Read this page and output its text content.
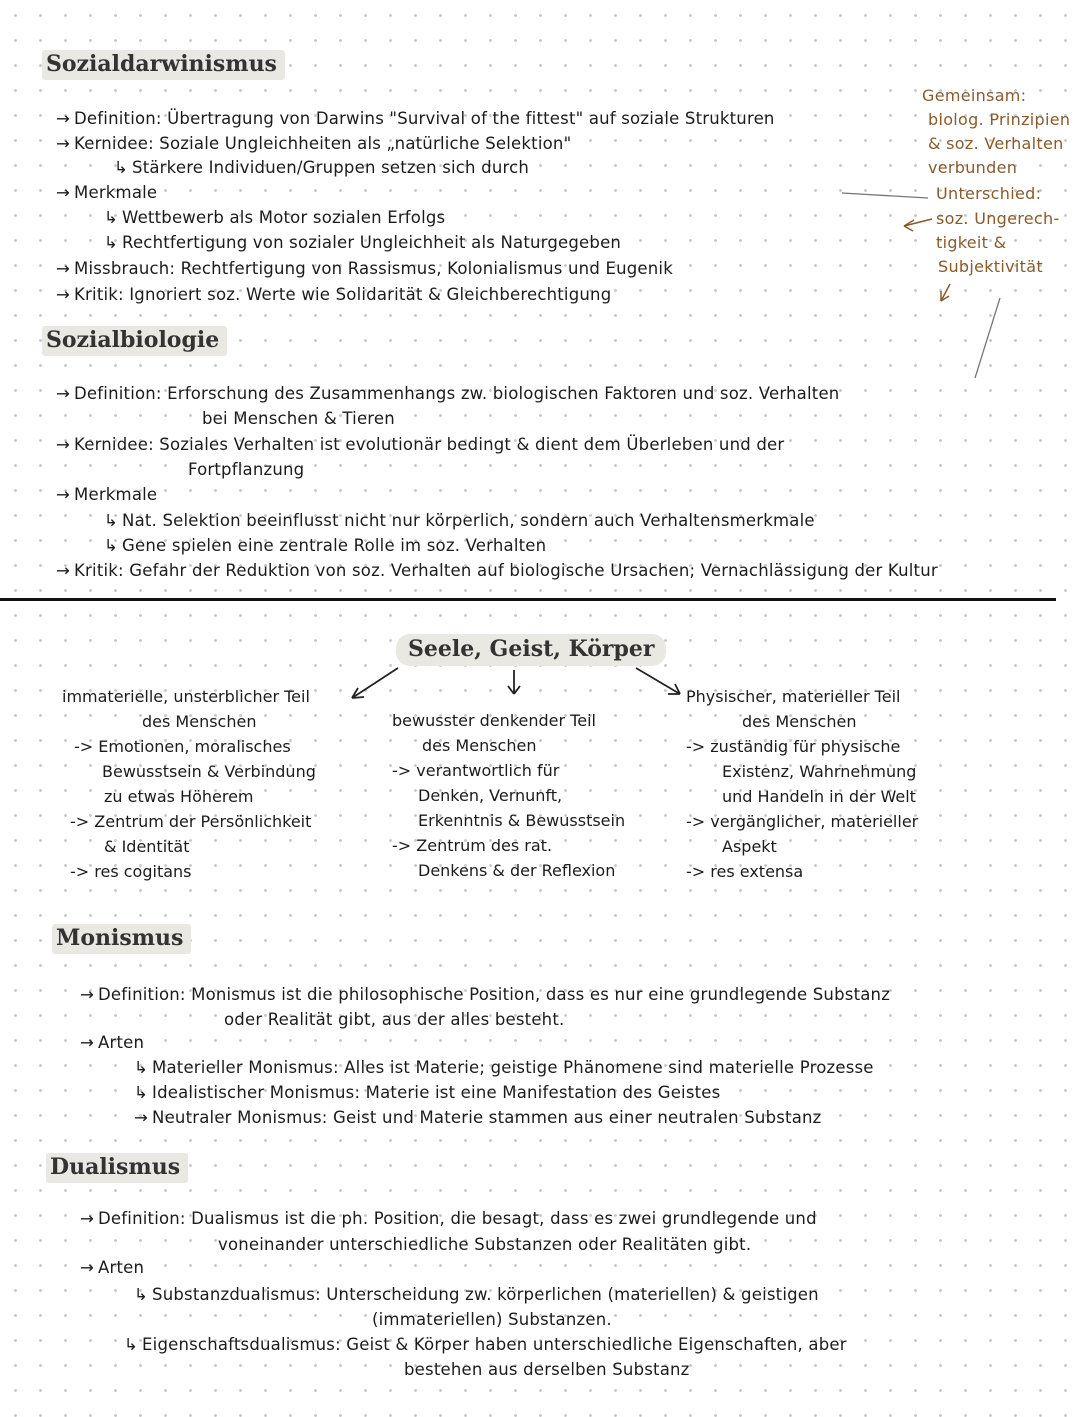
Sozialdarwinismus
→ Definition: Übertragung von Darwins "Survival of the fittest" auf soziale Strukturen
→ Kernidee: Soziale Ungleichheiten als „natürliche Selektion"
↳ Stärkere Individuen/Gruppen setzen sich durch
→ Merkmale
↳ Wettbewerb als Motor sozialen Erfolgs
↳ Rechtfertigung von sozialer Ungleichheit als Naturgegeben
→ Missbrauch: Rechtfertigung von Rassismus, Kolonialismus und Eugenik
→ Kritik: Ignoriert soz. Werte wie Solidarität & Gleichberechtigung
Gemeinsam:
biolog. Prinzipien
& soz. Verhalten
verbunden
Unterschied:
soz. Ungerech-
tigkeit &
Subjektivität
Sozialbiologie
→ Definition: Erforschung des Zusammenhangs zw. biologischen Faktoren und soz. Verhalten
bei Menschen & Tieren
→ Kernidee: Soziales Verhalten ist evolutionär bedingt & dient dem Überleben und der
Fortpflanzung
→ Merkmale
↳ Nat. Selektion beeinflusst nicht nur körperlich, sondern auch Verhaltensmerkmale
↳ Gene spielen eine zentrale Rolle im soz. Verhalten
→ Kritik: Gefahr der Reduktion von soz. Verhalten auf biologische Ursachen; Vernachlässigung der Kultur
Seele, Geist, Körper
immaterielle, unsterblicher Teil
des Menschen
-> Emotionen, moralisches
Bewusstsein & Verbindung
zu etwas Höherem
-> Zentrum der Persönlichkeit
& Identität
-> res cogitans
bewusster denkender Teil
des Menschen
-> verantwortlich für
Denken, Vernunft,
Erkenntnis & Bewusstsein
-> Zentrum des rat.
Denkens & der Reflexion
Physischer, materieller Teil
des Menschen
-> zuständig für physische
Existenz, Wahrnehmung
und Handeln in der Welt
-> vergänglicher, materieller
Aspekt
-> res extensa
Monismus
→ Definition: Monismus ist die philosophische Position, dass es nur eine grundlegende Substanz
oder Realität gibt, aus der alles besteht.
→ Arten
↳ Materieller Monismus: Alles ist Materie; geistige Phänomene sind materielle Prozesse
↳ Idealistischer Monismus: Materie ist eine Manifestation des Geistes
→ Neutraler Monismus: Geist und Materie stammen aus einer neutralen Substanz
Dualismus
→ Definition: Dualismus ist die ph. Position, die besagt, dass es zwei grundlegende und
voneinander unterschiedliche Substanzen oder Realitäten gibt.
→ Arten
↳ Substanzdualismus: Unterscheidung zw. körperlichen (materiellen) & geistigen
(immateriellen) Substanzen.
↳ Eigenschaftsdualismus: Geist & Körper haben unterschiedliche Eigenschaften, aber
bestehen aus derselben Substanz
